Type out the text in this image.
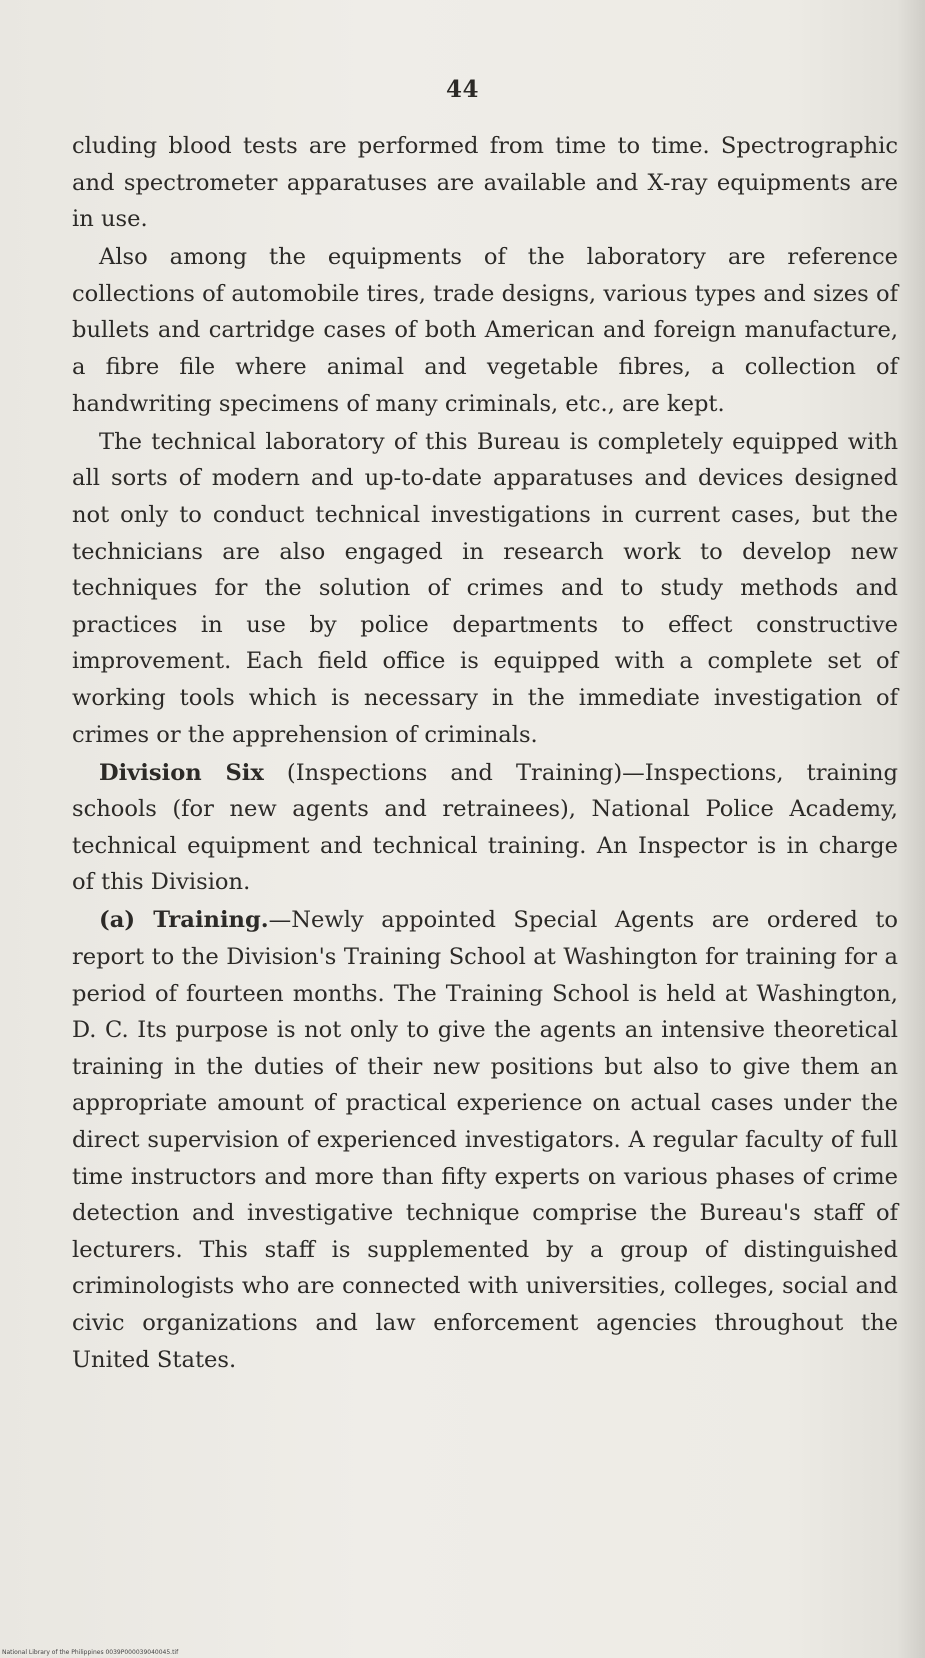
44

cluding blood tests are performed from time to time. Spectrographic and spectrometer apparatuses are available and X-ray equipments are in use.

Also among the equipments of the laboratory are reference collections of automobile tires, trade designs, various types and sizes of bullets and cartridge cases of both American and foreign manufacture, a fibre file where animal and vegetable fibres, a collection of handwriting specimens of many criminals, etc., are kept.

The technical laboratory of this Bureau is completely equipped with all sorts of modern and up-to-date apparatuses and devices designed not only to conduct technical investigations in current cases, but the technicians are also engaged in research work to develop new techniques for the solution of crimes and to study methods and practices in use by police departments to effect constructive improvement. Each field office is equipped with a complete set of working tools which is necessary in the immediate investigation of crimes or the apprehension of criminals.

Division Six (Inspections and Training)—Inspections, training schools (for new agents and retrainees), National Police Academy, technical equipment and technical training. An Inspector is in charge of this Division.

(a) Training.—Newly appointed Special Agents are ordered to report to the Division's Training School at Washington for training for a period of fourteen months. The Training School is held at Washington, D. C. Its purpose is not only to give the agents an intensive theoretical training in the duties of their new positions but also to give them an appropriate amount of practical experience on actual cases under the direct supervision of experienced investigators. A regular faculty of full time instructors and more than fifty experts on various phases of crime detection and investigative technique comprise the Bureau's staff of lecturers. This staff is supplemented by a group of distinguished criminologists who are connected with universities, colleges, social and civic organizations and law enforcement agencies throughout the United States.

National Library of the Philippines 0039P000039040045.tif
